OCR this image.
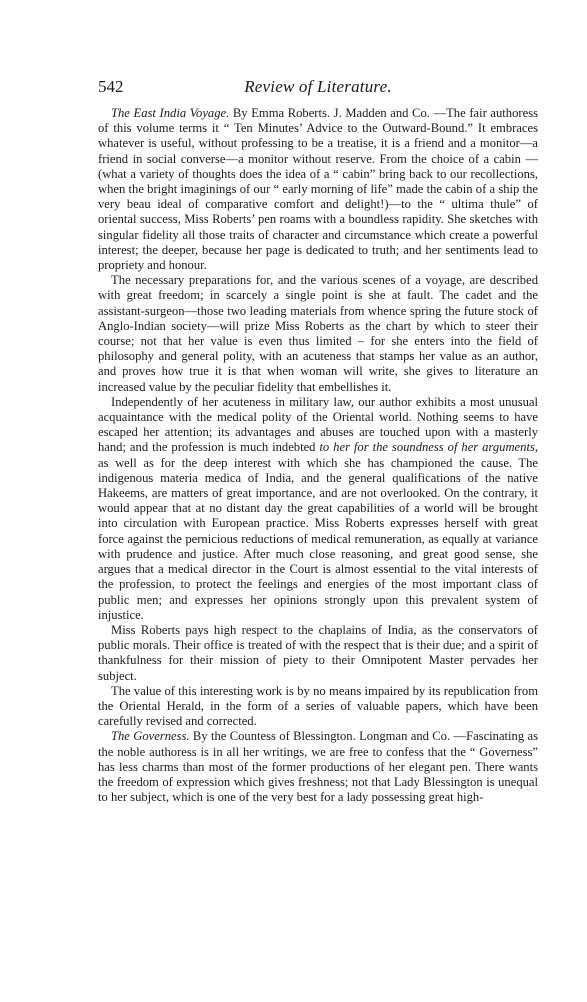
542	Review of Literature.

The East India Voyage. By Emma Roberts. J. Madden and Co. —The fair authoress of this volume terms it “ Ten Minutes’ Advice to the Outward-Bound.” It embraces whatever is useful, without professing to be a treatise, it is a friend and a monitor—a friend in social converse—a monitor without reserve. From the choice of a cabin —(what a variety of thoughts does the idea of a “ cabin” bring back to our recollections, when the bright imaginings of our “ early morning of life” made the cabin of a ship the very beau ideal of comparative comfort and delight!)—to the “ ultima thule” of oriental success, Miss Roberts’ pen roams with a boundless rapidity. She sketches with singular fidelity all those traits of character and circumstance which create a powerful interest; the deeper, because her page is dedicated to truth; and her sentiments lead to propriety and honour.

The necessary preparations for, and the various scenes of a voyage, are described with great freedom; in scarcely a single point is she at fault. The cadet and the assistant-surgeon—those two leading materials from whence spring the future stock of Anglo-Indian society—will prize Miss Roberts as the chart by which to steer their course; not that her value is even thus limited – for she enters into the field of philosophy and general polity, with an acuteness that stamps her value as an author, and proves how true it is that when woman will write, she gives to literature an increased value by the peculiar fidelity that embellishes it.

Independently of her acuteness in military law, our author exhibits a most unusual acquaintance with the medical polity of the Oriental world. Nothing seems to have escaped her attention; its advantages and abuses are touched upon with a masterly hand; and the profession is much indebted to her for the soundness of her arguments, as well as for the deep interest with which she has championed the cause. The indigenous materia medica of India, and the general qualifications of the native Hakeems, are matters of great importance, and are not overlooked. On the contrary, it would appear that at no distant day the great capabilities of a world will be brought into circulation with European practice. Miss Roberts expresses herself with great force against the pernicious reductions of medical remuneration, as equally at variance with prudence and justice. After much close reasoning, and great good sense, she argues that a medical director in the Court is almost essential to the vital interests of the profession, to protect the feelings and energies of the most important class of public men; and expresses her opinions strongly upon this prevalent system of injustice.

Miss Roberts pays high respect to the chaplains of India, as the conservators of public morals. Their office is treated of with the respect that is their due; and a spirit of thankfulness for their mission of piety to their Omnipotent Master pervades her subject.

The value of this interesting work is by no means impaired by its republication from the Oriental Herald, in the form of a series of valuable papers, which have been carefully revised and corrected.

The Governess. By the Countess of Blessington. Longman and Co. —Fascinating as the noble authoress is in all her writings, we are free to confess that the “ Governess” has less charms than most of the former productions of her elegant pen. There wants the freedom of expression which gives freshness; not that Lady Blessington is unequal to her subject, which is one of the very best for a lady possessing great high-
